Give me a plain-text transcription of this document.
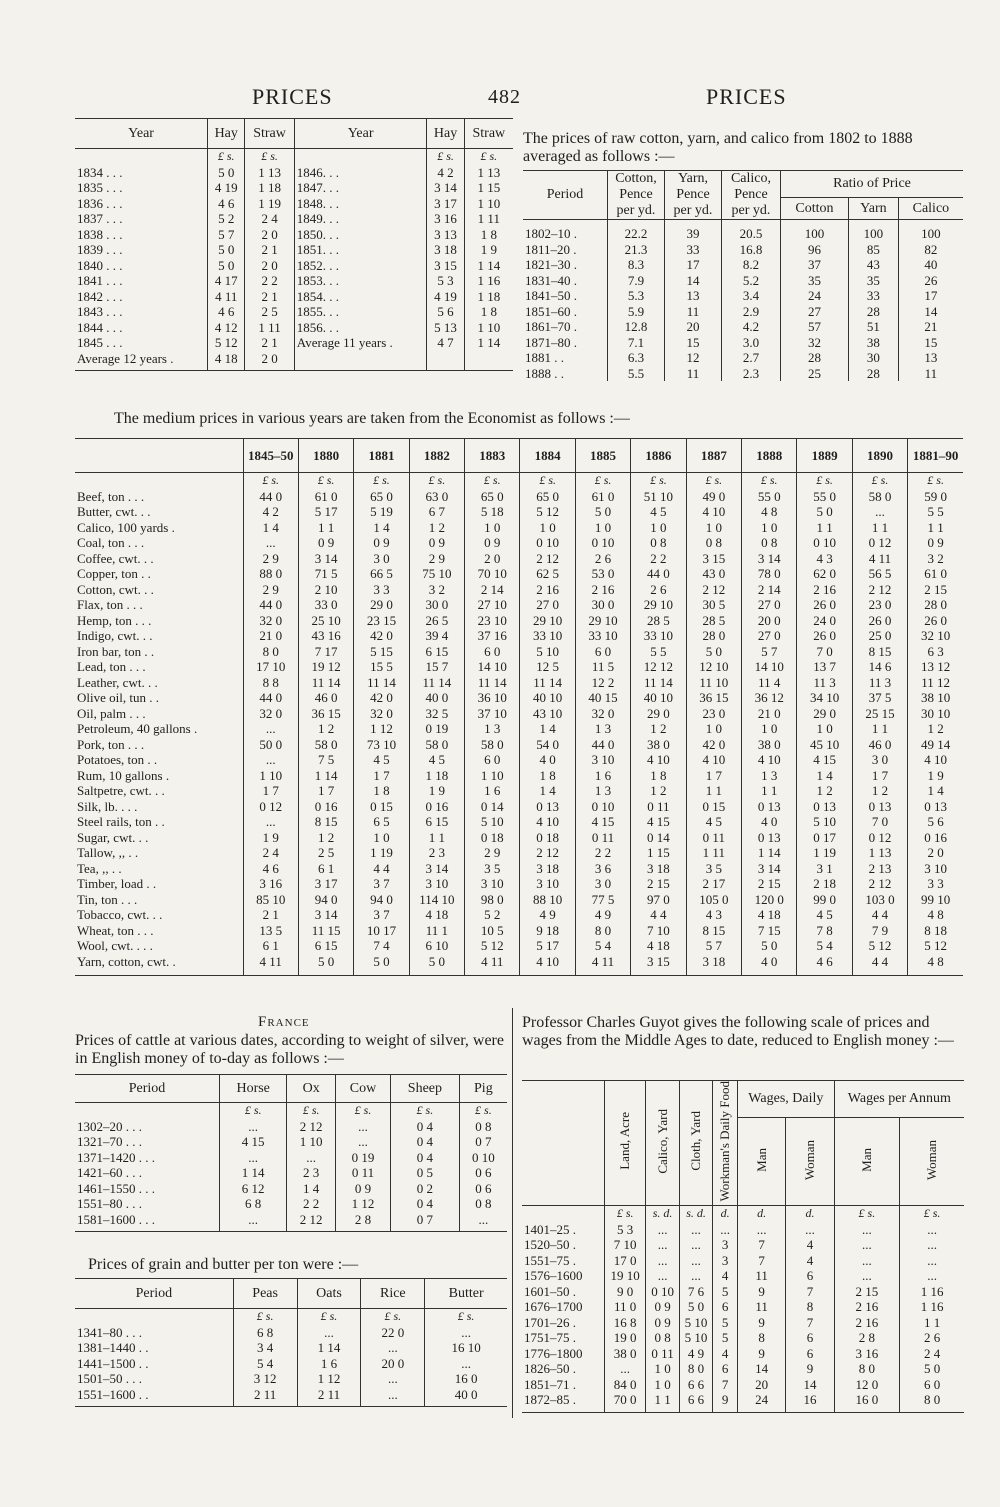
PRICES	482	PRICES
Year	Hay	Straw	Year	Hay	Straw
	£ s.	£ s.		£ s.	£ s.
1834 . . .	5 0	1 13	1846. . .	4 2	1 13
1835 . . .	4 19	1 18	1847. . .	3 14	1 15
1836 . . .	4 6	1 19	1848. . .	3 17	1 10
1837 . . .	5 2	2 4	1849. . .	3 16	1 11
1838 . . .	5 7	2 0	1850. . .	3 13	1 8
1839 . . .	5 0	2 1	1851. . .	3 18	1 9
1840 . . .	5 0	2 0	1852. . .	3 15	1 14
1841 . . .	4 17	2 2	1853. . .	5 3	1 16
1842 . . .	4 11	2 1	1854. . .	4 19	1 18
1843 . . .	4 6	2 5	1855. . .	5 6	1 8
1844 . . .	4 12	1 11	1856. . .	5 13	1 10
1845 . . .	5 12	2 1	Average 11 years .	4 7	1 14
Average 12 years .	4 18	2 0			

The prices of raw cotton, yarn, and calico from 1802 to 1888 averaged as follows :—
Period	Cotton, Pence per yd.	Yarn, Pence per yd.	Calico, Pence per yd.	Ratio of Price		
				Cotton	Yarn	Calico

1802–10 .	22.2	39	20.5	100	100	100
1811–20 .	21.3	33	16.8	96	85	82
1821–30 .	8.3	17	8.2	37	43	40
1831–40 .	7.9	14	5.2	35	35	26
1841–50 .	5.3	13	3.4	24	33	17
1851–60 .	5.9	11	2.9	27	28	14
1861–70 .	12.8	20	4.2	57	51	21
1871–80 .	7.1	15	3.0	32	38	15
1881 . .	6.3	12	2.7	28	30	13
1888 . .	5.5	11	2.3	25	28	11
The medium prices in various years are taken from the Economist as follows :—
	1845–50	1880	1881	1882	1883	1884	1885	1886	1887	1888	1889	1890	1881–90
	£ s.	£ s.	£ s.	£ s.	£ s.	£ s.	£ s.	£ s.	£ s.	£ s.	£ s.	£ s.	£ s.
Beef, ton . . .	44 0	61 0	65 0	63 0	65 0	65 0	61 0	51 10	49 0	55 0	55 0	58 0	59 0
Butter, cwt. . .	4 2	5 17	5 19	6 7	5 18	5 12	5 0	4 5	4 10	4 8	5 0	...	5 5
Calico, 100 yards .	1 4	1 1	1 4	1 2	1 0	1 0	1 0	1 0	1 0	1 0	1 1	1 1	1 1
Coal, ton . . .	...	0 9	0 9	0 9	0 9	0 10	0 10	0 8	0 8	0 8	0 10	0 12	0 9
Coffee, cwt. . .	2 9	3 14	3 0	2 9	2 0	2 12	2 6	2 2	3 15	3 14	4 3	4 11	3 2
Copper, ton . .	88 0	71 5	66 5	75 10	70 10	62 5	53 0	44 0	43 0	78 0	62 0	56 5	61 0
Cotton, cwt. . .	2 9	2 10	3 3	3 2	2 14	2 16	2 16	2 6	2 12	2 14	2 16	2 12	2 15
Flax, ton . . .	44 0	33 0	29 0	30 0	27 10	27 0	30 0	29 10	30 5	27 0	26 0	23 0	28 0
Hemp, ton . . .	32 0	25 10	23 15	26 5	23 10	29 10	29 10	28 5	28 5	20 0	24 0	26 0	26 0
Indigo, cwt. . .	21 0	43 16	42 0	39 4	37 16	33 10	33 10	33 10	28 0	27 0	26 0	25 0	32 10
Iron bar, ton . .	8 0	7 17	5 15	6 15	6 0	5 10	6 0	5 5	5 0	5 7	7 0	8 15	6 3
Lead, ton . . .	17 10	19 12	15 5	15 7	14 10	12 5	11 5	12 12	12 10	14 10	13 7	14 6	13 12
Leather, cwt. . .	8 8	11 14	11 14	11 14	11 14	11 14	12 2	11 14	11 10	11 4	11 3	11 3	11 12
Olive oil, tun . .	44 0	46 0	42 0	40 0	36 10	40 10	40 15	40 10	36 15	36 12	34 10	37 5	38 10
Oil, palm . . .	32 0	36 15	32 0	32 5	37 10	43 10	32 0	29 0	23 0	21 0	29 0	25 15	30 10
Petroleum, 40 gallons .	...	1 2	1 12	0 19	1 3	1 4	1 3	1 2	1 0	1 0	1 0	1 1	1 2
Pork, ton . . .	50 0	58 0	73 10	58 0	58 0	54 0	44 0	38 0	42 0	38 0	45 10	46 0	49 14
Potatoes, ton . .	...	7 5	4 5	4 5	6 0	4 0	3 10	4 10	4 10	4 10	4 15	3 0	4 10
Rum, 10 gallons .	1 10	1 14	1 7	1 18	1 10	1 8	1 6	1 8	1 7	1 3	1 4	1 7	1 9
Saltpetre, cwt. . .	1 7	1 7	1 8	1 9	1 6	1 4	1 3	1 2	1 1	1 1	1 2	1 2	1 4
Silk, lb. . . .	0 12	0 16	0 15	0 16	0 14	0 13	0 10	0 11	0 15	0 13	0 13	0 13	0 13
Steel rails, ton . .	...	8 15	6 5	6 15	5 10	4 10	4 15	4 15	4 5	4 0	5 10	7 0	5 6
Sugar, cwt. . .	1 9	1 2	1 0	1 1	0 18	0 18	0 11	0 14	0 11	0 13	0 17	0 12	0 16
Tallow, ,, . .	2 4	2 5	1 19	2 3	2 9	2 12	2 2	1 15	1 11	1 14	1 19	1 13	2 0
Tea, ,, . .	4 6	6 1	4 4	3 14	3 5	3 18	3 6	3 18	3 5	3 14	3 1	2 13	3 10
Timber, load . .	3 16	3 17	3 7	3 10	3 10	3 10	3 0	2 15	2 17	2 15	2 18	2 12	3 3
Tin, ton . . .	85 10	94 0	94 0	114 10	98 0	88 10	77 5	97 0	105 0	120 0	99 0	103 0	99 10
Tobacco, cwt. . .	2 1	3 14	3 7	4 18	5 2	4 9	4 9	4 4	4 3	4 18	4 5	4 4	4 8
Wheat, ton . . .	13 5	11 15	10 17	11 1	10 5	9 18	8 0	7 10	8 15	7 15	7 8	7 9	8 18
Wool, cwt. . . .	6 1	6 15	7 4	6 10	5 12	5 17	5 4	4 18	5 7	5 0	5 4	5 12	5 12
Yarn, cotton, cwt. .	4 11	5 0	5 0	5 0	4 11	4 10	4 11	3 15	3 18	4 0	4 6	4 4	4 8

France
Prices of cattle at various dates, according to weight of silver, were in English money of to-day as follows :—
Period	Horse	Ox	Cow	Sheep	Pig
	£ s.	£ s.	£ s.	£ s.	£ s.
1302–20 . . .	...	2 12	...	0 4	0 8
1321–70 . . .	4 15	1 10	...	0 4	0 7
1371–1420 . . .	...	...	0 19	0 4	0 10
1421–60 . . .	1 14	2 3	0 11	0 5	0 6
1461–1550 . . .	6 12	1 4	0 9	0 2	0 6
1551–80 . . .	6 8	2 2	1 12	0 4	0 8
1581–1600 . . .	...	2 12	2 8	0 7	...

Prices of grain and butter per ton were :—
Period	Peas	Oats	Rice	Butter
	£ s.	£ s.	£ s.	£ s.
1341–80 . . .	6 8	...	22 0	...
1381–1440 . .	3 4	1 14	...	16 10
1441–1500 . .	5 4	1 6	20 0	...
1501–50 . . .	3 12	1 12	...	16 0
1551–1600 . .	2 11	2 11	...	40 0

Professor Charles Guyot gives the following scale of prices and wages from the Middle Ages to date, reduced to English money :—
	Land, Acre	Calico, Yard	Cloth, Yard	Workman's Daily Food	Wages, Daily		Wages per Annum	
					Man	Woman	Man	Woman
	£ s.	s. d.	s. d.	d.	d.	d.	£ s.	£ s.
1401–25 .	5 3	...	...	...	...	...	...	...
1520–50 .	7 10	...	...	3	7	4	...	...
1551–75 .	17 0	...	...	3	7	4	...	...
1576–1600	19 10	...	...	4	11	6	...	...
1601–50 .	9 0	0 10	7 6	5	9	7	2 15	1 16
1676–1700	11 0	0 9	5 0	6	11	8	2 16	1 16
1701–26 .	16 8	0 9	5 10	5	9	7	2 16	1 1
1751–75 .	19 0	0 8	5 10	5	8	6	2 8	2 6
1776–1800	38 0	0 11	4 9	4	9	6	3 16	2 4
1826–50 .	...	1 0	8 0	6	14	9	8 0	5 0
1851–71 .	84 0	1 0	6 6	7	20	14	12 0	6 0
1872–85 .	70 0	1 1	6 6	9	24	16	16 0	8 0
